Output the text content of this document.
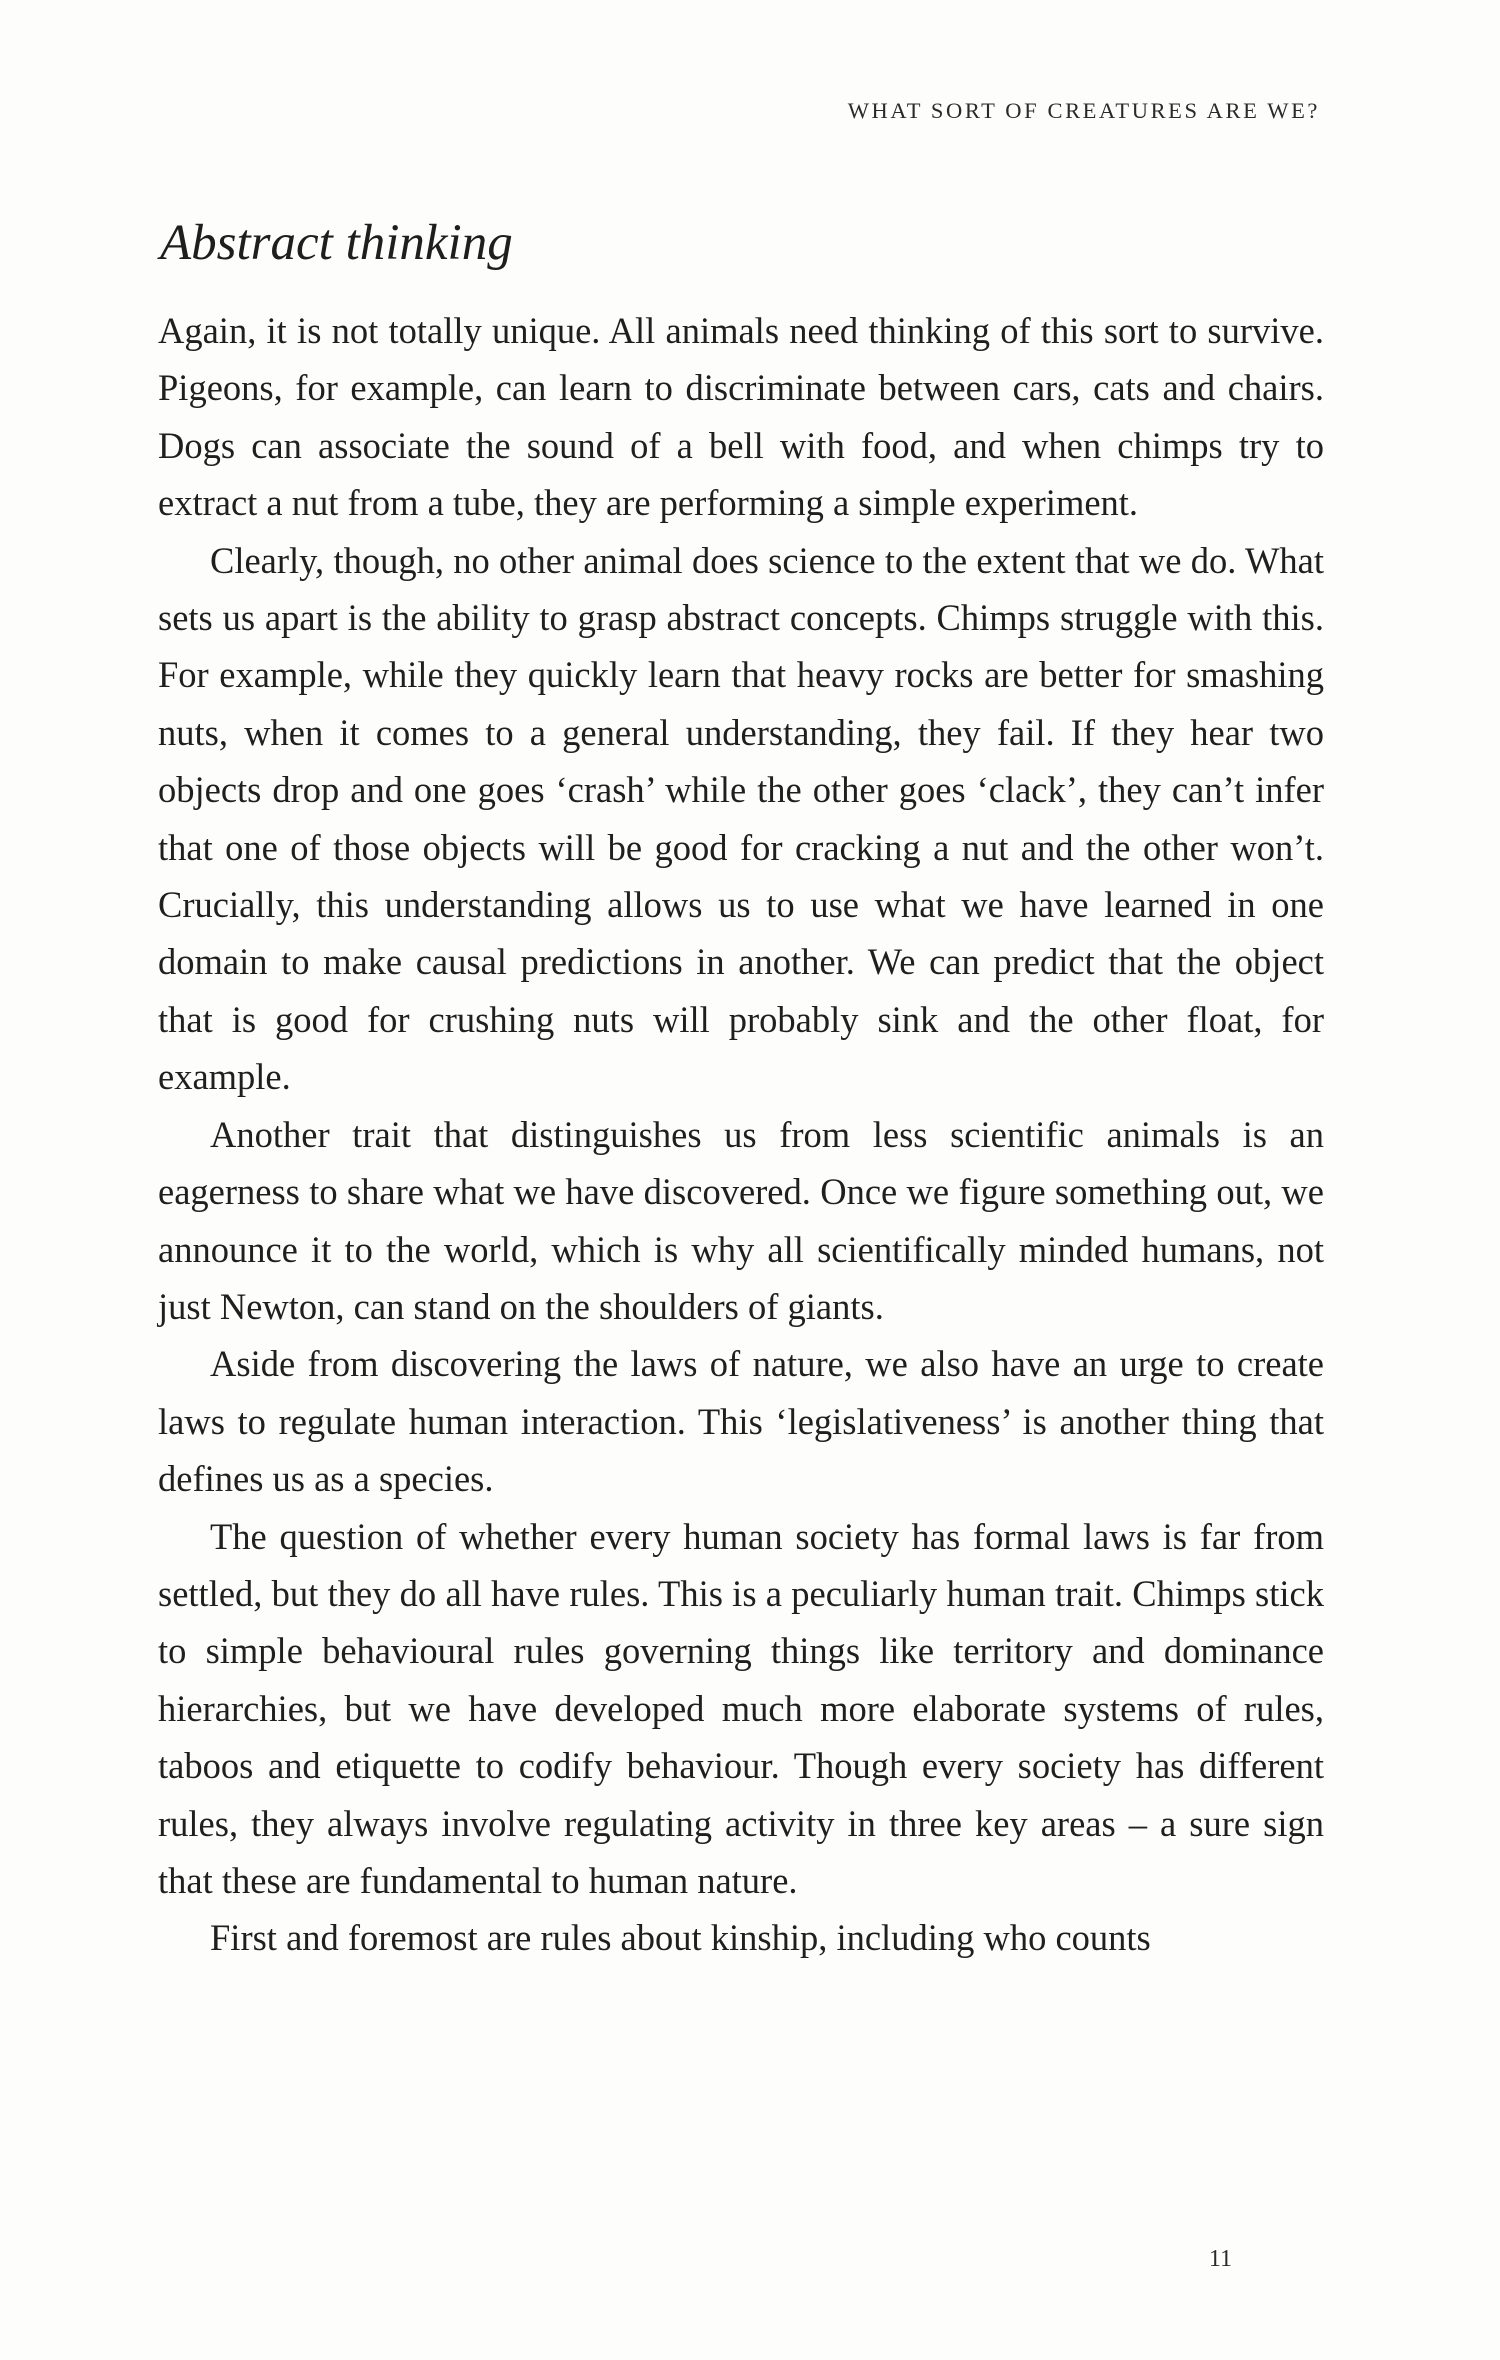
WHAT SORT OF CREATURES ARE WE?
Abstract thinking

Again, it is not totally unique. All animals need thinking of this sort to survive. Pigeons, for example, can learn to discriminate between cars, cats and chairs. Dogs can associate the sound of a bell with food, and when chimps try to extract a nut from a tube, they are performing a simple experiment.

Clearly, though, no other animal does science to the extent that we do. What sets us apart is the ability to grasp abstract concepts. Chimps struggle with this. For example, while they quickly learn that heavy rocks are better for smashing nuts, when it comes to a general understanding, they fail. If they hear two objects drop and one goes ‘crash’ while the other goes ‘clack’, they can’t infer that one of those objects will be good for cracking a nut and the other won’t. Crucially, this understanding allows us to use what we have learned in one domain to make causal predictions in another. We can predict that the object that is good for crushing nuts will probably sink and the other float, for example.

Another trait that distinguishes us from less scientific animals is an eagerness to share what we have discovered. Once we figure something out, we announce it to the world, which is why all scientifically minded humans, not just Newton, can stand on the shoulders of giants.

Aside from discovering the laws of nature, we also have an urge to create laws to regulate human interaction. This ‘legislativeness’ is another thing that defines us as a species.

The question of whether every human society has formal laws is far from settled, but they do all have rules. This is a peculiarly human trait. Chimps stick to simple behavioural rules governing things like territory and dominance hierarchies, but we have developed much more elaborate systems of rules, taboos and etiquette to codify behaviour. Though every society has different rules, they always involve regulating activity in three key areas – a sure sign that these are fundamental to human nature.

First and foremost are rules about kinship, including who counts

11
